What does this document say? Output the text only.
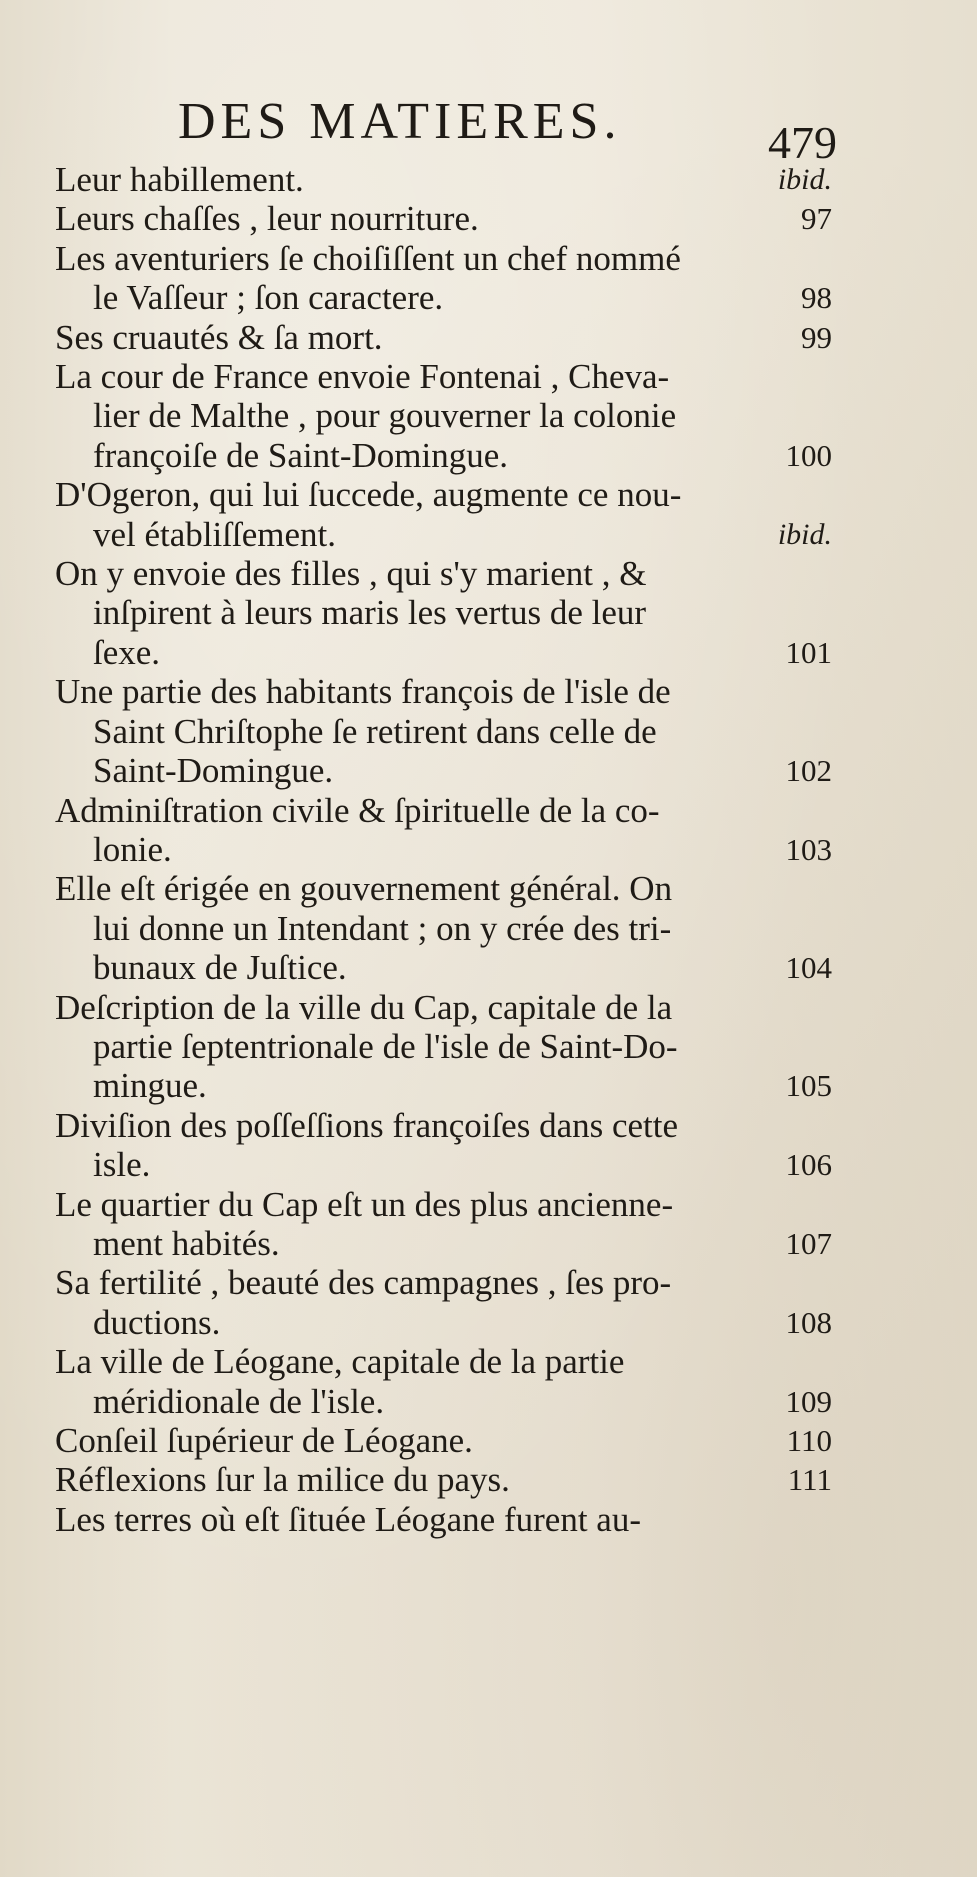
DES MATIERES.	479
Leur habillement.	ibid.
Leurs chaſſes , leur nourriture.	97
Les aventuriers ſe choiſiſſent un chef nommé
le Vaſſeur ; ſon caractere.	98
Ses cruautés & ſa mort.	99
La cour de France envoie Fontenai , Cheva-
lier de Malthe , pour gouverner la colonie
françoiſe de Saint-Domingue.	100
D'Ogeron, qui lui ſuccede, augmente ce nou-
vel établiſſement.	ibid.
On y envoie des filles , qui s'y marient , &
inſpirent à leurs maris les vertus de leur
ſexe.	101
Une partie des habitants françois de l'isle de
Saint Chriſtophe ſe retirent dans celle de
Saint-Domingue.	102
Adminiſtration civile & ſpirituelle de la co-
lonie.	103
Elle eſt érigée en gouvernement général. On
lui donne un Intendant ; on y crée des tri-
bunaux de Juſtice.	104
Deſcription de la ville du Cap, capitale de la
partie ſeptentrionale de l'isle de Saint-Do-
mingue.	105
Diviſion des poſſeſſions françoiſes dans cette
isle.	106
Le quartier du Cap eſt un des plus ancienne-
ment habités.	107
Sa fertilité , beauté des campagnes , ſes pro-
ductions.	108
La ville de Léogane, capitale de la partie
méridionale de l'isle.	109
Conſeil ſupérieur de Léogane.	110
Réflexions ſur la milice du pays.	111
Les terres où eſt ſituée Léogane furent au-
